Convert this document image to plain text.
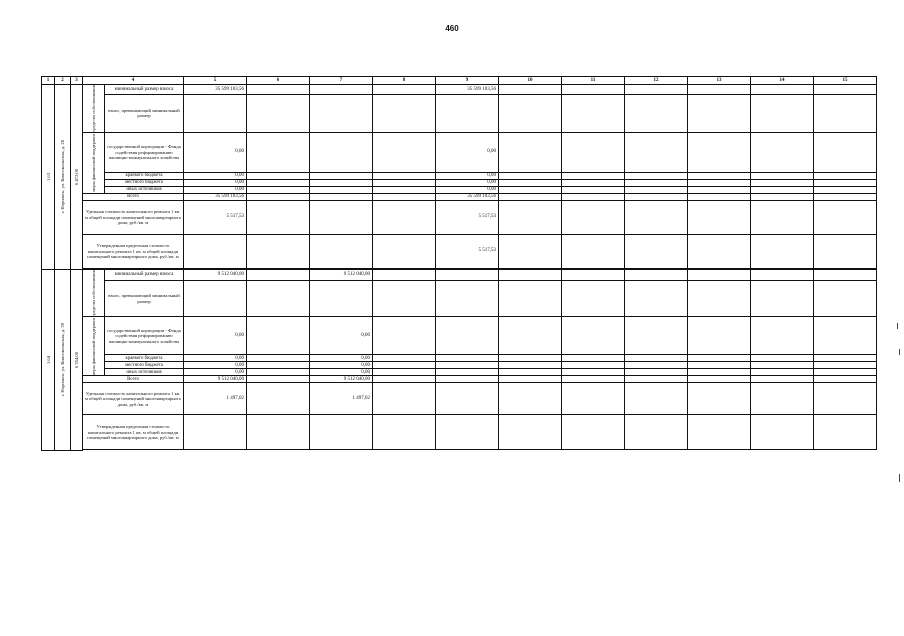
460
1	2	3	4		5	6	7	8	9	10	11	12	13	14	15

1.63	г. Норильск, ул. Комсомольская, д. 28	6 472,00	средства собственников	минимальный размер взноса	35 599 103,56				35 599 103,56						
				взнос, превышающий минимальный размер											

			меры финансовой поддержки	государственной корпорации - Фонда содействия реформированию жилищно-коммунального хозяйства	0,00				0,00						
				краевого бюджета	0,00				0,00						
				местного бюджета	0,00				0,00						
				иных источников	0,00				0,00						
			Всего		35 599 103,56				35 599 103,56						
			Удельная стоимость капитального ремонта 1 кв. м общей площади помещений многоквартирного дома, руб./кв. м		5 517,53				5 517,53						
			Утвержденная предельная стоимость капитального ремонта 1 кв. м общей площади помещений многоквартирного дома, руб./кв. м						5 517,53						

1.64	г. Норильск, ул. Комсомольская, д. 39	6 354,00	средства собственников	минимальный размер взноса	9 512 040,00		9 512 040,00								
				взнос, превышающий минимальный размер											

			меры финансовой поддержки	государственной корпорации - Фонда содействия реформированию жилищно-коммунального хозяйства	0,00		0,00								
				краевого бюджета	0,00		0,00								
				местного бюджета	0,00		0,00								
				иных источников	0,00		0,00								
			Всего		9 512 040,00		9 512 040,00								
			Удельная стоимость капитального ремонта 1 кв. м общей площади помещений многоквартирного дома, руб./кв. м		1 497,02		1 497,02								
			Утвержденная предельная стоимость капитального ремонта 1 кв. м общей площади помещений многоквартирного дома, руб./кв. м												
